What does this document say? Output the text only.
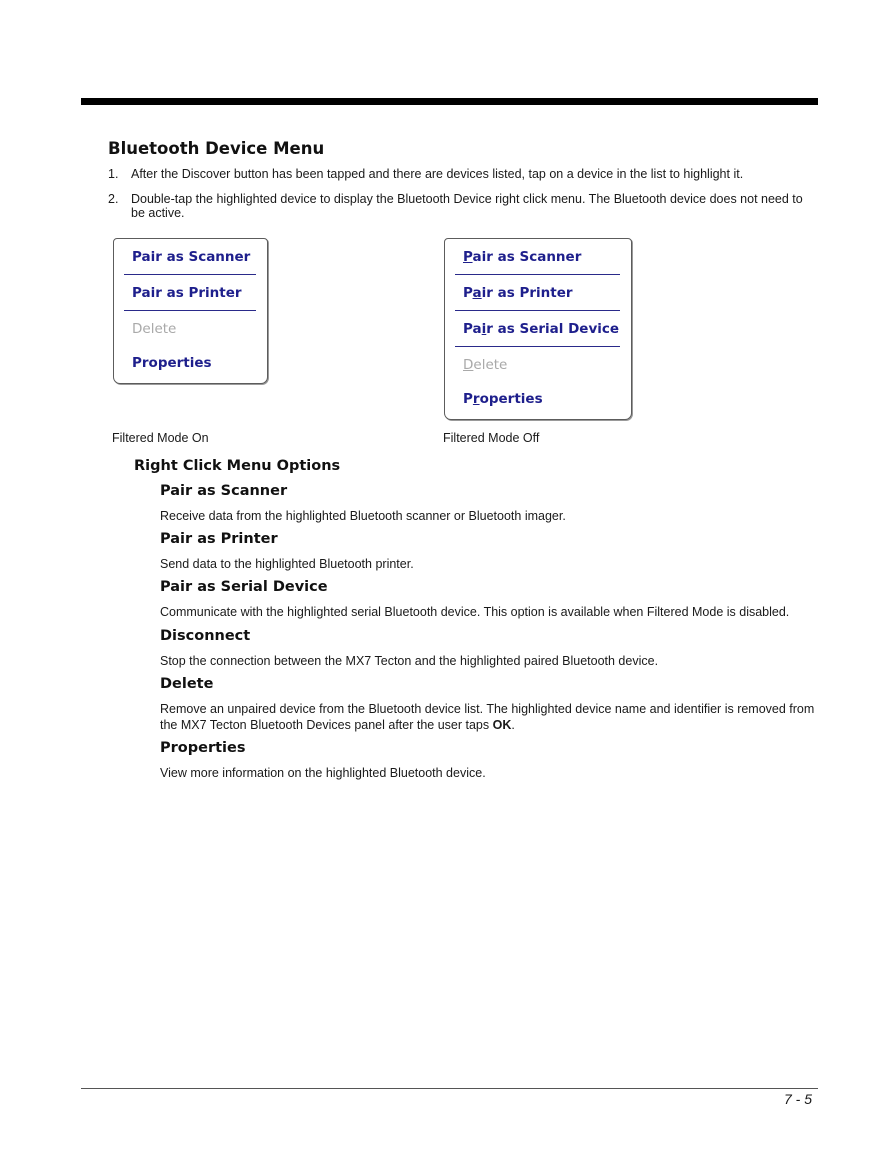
Bluetooth Device Menu
1. After the Discover button has been tapped and there are devices listed, tap on a device in the list to highlight it.
2. Double-tap the highlighted device to display the Bluetooth Device right click menu. The Bluetooth device does not need to be active.
Pair as Scanner
Pair as Printer
Delete
Properties
Pair as Scanner
Pair as Printer
Pair as Serial Device
Delete
Properties
Filtered Mode On	Filtered Mode Off
Right Click Menu Options
Pair as Scanner

Receive data from the highlighted Bluetooth scanner or Bluetooth imager.

Pair as Printer

Send data to the highlighted Bluetooth printer.

Pair as Serial Device

Communicate with the highlighted serial Bluetooth device. This option is available when Filtered Mode is disabled.

Disconnect

Stop the connection between the MX7 Tecton and the highlighted paired Bluetooth device.

Delete

Remove an unpaired device from the Bluetooth device list. The highlighted device name and identifier is removed from the MX7 Tecton Bluetooth Devices panel after the user taps OK.

Properties

View more information on the highlighted Bluetooth device.

7 - 5
